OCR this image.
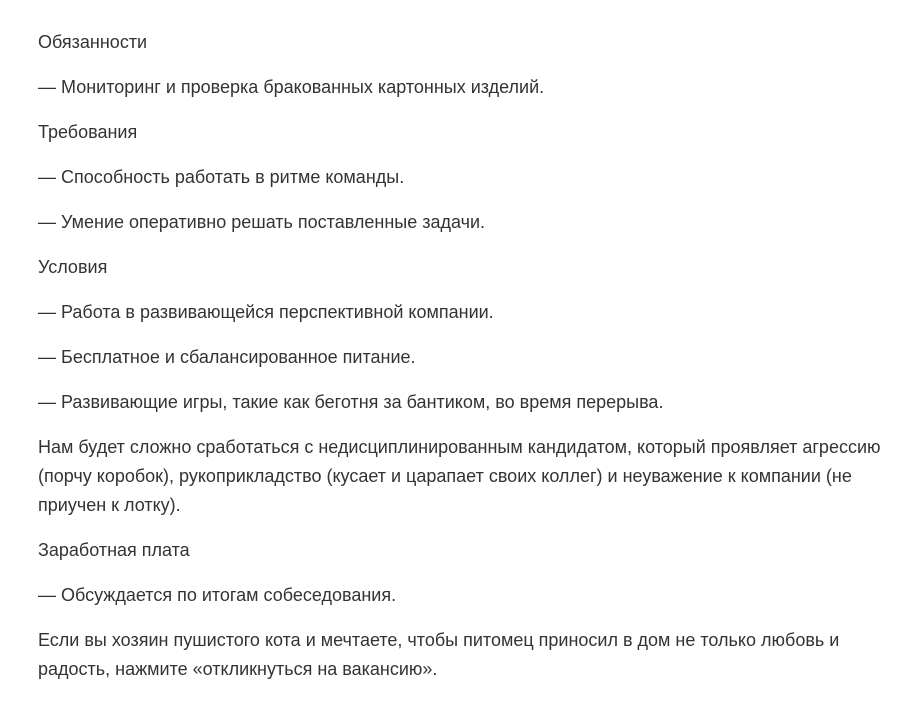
Обязанности

— Мониторинг и проверка бракованных картонных изделий.

Требования

— Способность работать в ритме команды.

— Умение оперативно решать поставленные задачи.

Условия

— Работа в развивающейся перспективной компании.

— Бесплатное и сбалансированное питание.

— Развивающие игры, такие как беготня за бантиком, во время перерыва.

Нам будет сложно сработаться с недисциплинированным кандидатом, который проявляет агрессию (порчу коробок), рукоприкладство (кусает и царапает своих коллег) и неуважение к компании (не приучен к лотку).

Заработная плата

— Обсуждается по итогам собеседования.

Если вы хозяин пушистого кота и мечтаете, чтобы питомец приносил в дом не только любовь и радость, нажмите «откликнуться на вакансию».
